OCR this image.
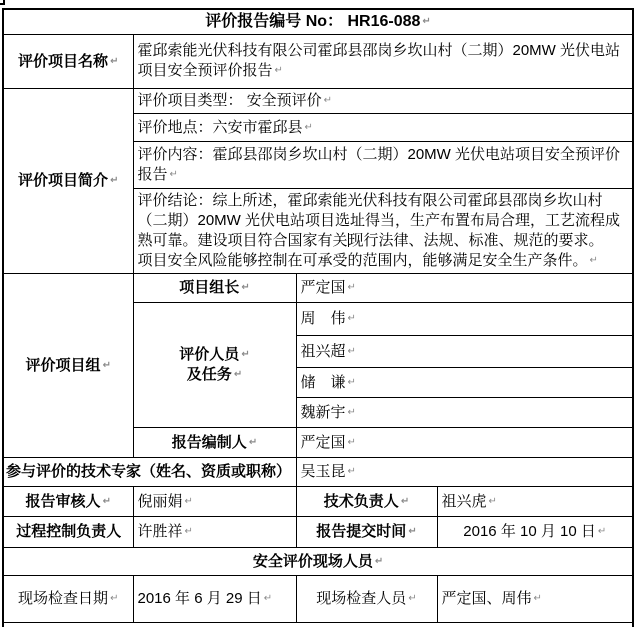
评价报告编号 No： HR16-088 ↵			
评价项目名称 ↵	霍邱索能光伏科技有限公司霍邱县邵岗乡坎山村（二期）20MW 光伏电站
项目安全预评价报告 ↵		

评价项目简介 ↵	评价项目类型： 安全预评价 ↵		
	评价地点：六安市霍邱县 ↵		

	评价内容：霍邱县邵岗乡坎山村（二期）20MW 光伏电站项目安全预评价
报告 ↵		

	评价结论：综上所述，霍邱索能光伏科技有限公司霍邱县邵岗乡坎山村
（二期）20MW 光伏电站项目选址得当，生产布置布局合理，工艺流程成
熟可靠。建设项目符合国家有关现行法律、法规、标准、规范的要求。
项目安全风险能够控制在可承受的范围内，能够满足安全生产条件。 ↵		

评价项目组 ↵	项目组长 ↵	严定国 ↵	

	评价人员 ↵
及任务 ↵	周　伟 ↵	
		祖兴超 ↵	
		储　谦 ↵	
		魏新宇 ↵	
	报告编制人 ↵	严定国 ↵	
参与评价的技术专家（姓名、资质或职称）		吴玉昆 ↵	
报告审核人 ↵	倪丽娟 ↵	技术负责人 ↵	祖兴虎 ↵
过程控制负责人	许胜祥 ↵	报告提交时间 ↵	2016 年 10 月 10 日 ↵
安全评价现场人员 ↵			
现场检查日期 ↵	2016 年 6 月 29 日 ↵	现场检查人员 ↵	严定国、周伟 ↵
